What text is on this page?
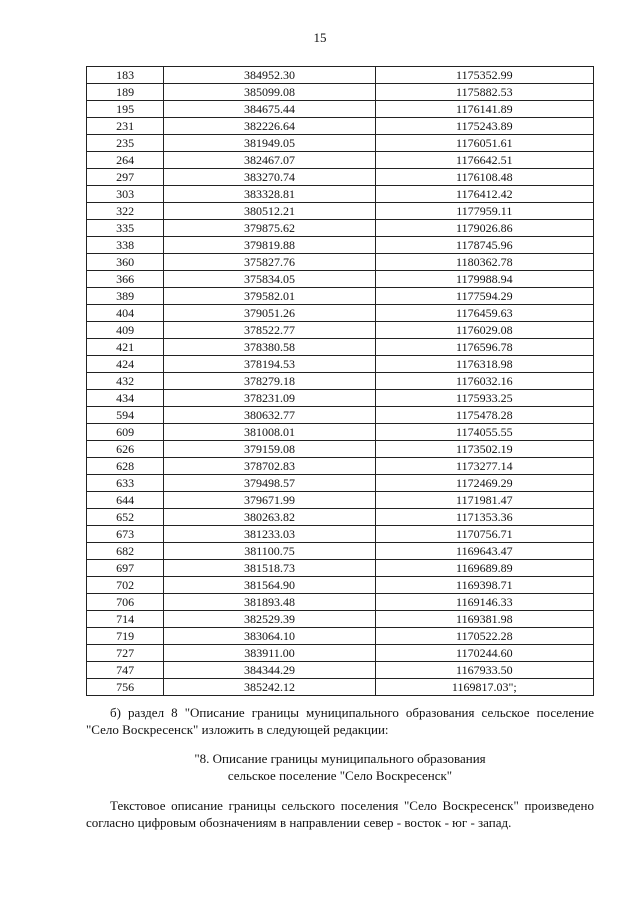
15
183	384952.30	1175352.99
189	385099.08	1175882.53
195	384675.44	1176141.89
231	382226.64	1175243.89
235	381949.05	1176051.61
264	382467.07	1176642.51
297	383270.74	1176108.48
303	383328.81	1176412.42
322	380512.21	1177959.11
335	379875.62	1179026.86
338	379819.88	1178745.96
360	375827.76	1180362.78
366	375834.05	1179988.94
389	379582.01	1177594.29
404	379051.26	1176459.63
409	378522.77	1176029.08
421	378380.58	1176596.78
424	378194.53	1176318.98
432	378279.18	1176032.16
434	378231.09	1175933.25
594	380632.77	1175478.28
609	381008.01	1174055.55
626	379159.08	1173502.19
628	378702.83	1173277.14
633	379498.57	1172469.29
644	379671.99	1171981.47
652	380263.82	1171353.36
673	381233.03	1170756.71
682	381100.75	1169643.47
697	381518.73	1169689.89
702	381564.90	1169398.71
706	381893.48	1169146.33
714	382529.39	1169381.98
719	383064.10	1170522.28
727	383911.00	1170244.60
747	384344.29	1167933.50
756	385242.12	1169817.03";
б) раздел 8 "Описание границы муниципального образования сельское поселение "Село Воскресенск" изложить в следующей редакции:
"8. Описание границы муниципального образования
сельское поселение "Село Воскресенск"
Текстовое описание границы сельского поселения "Село Воскресенск" произведено согласно цифровым обозначениям в направлении север - восток - юг - запад.
